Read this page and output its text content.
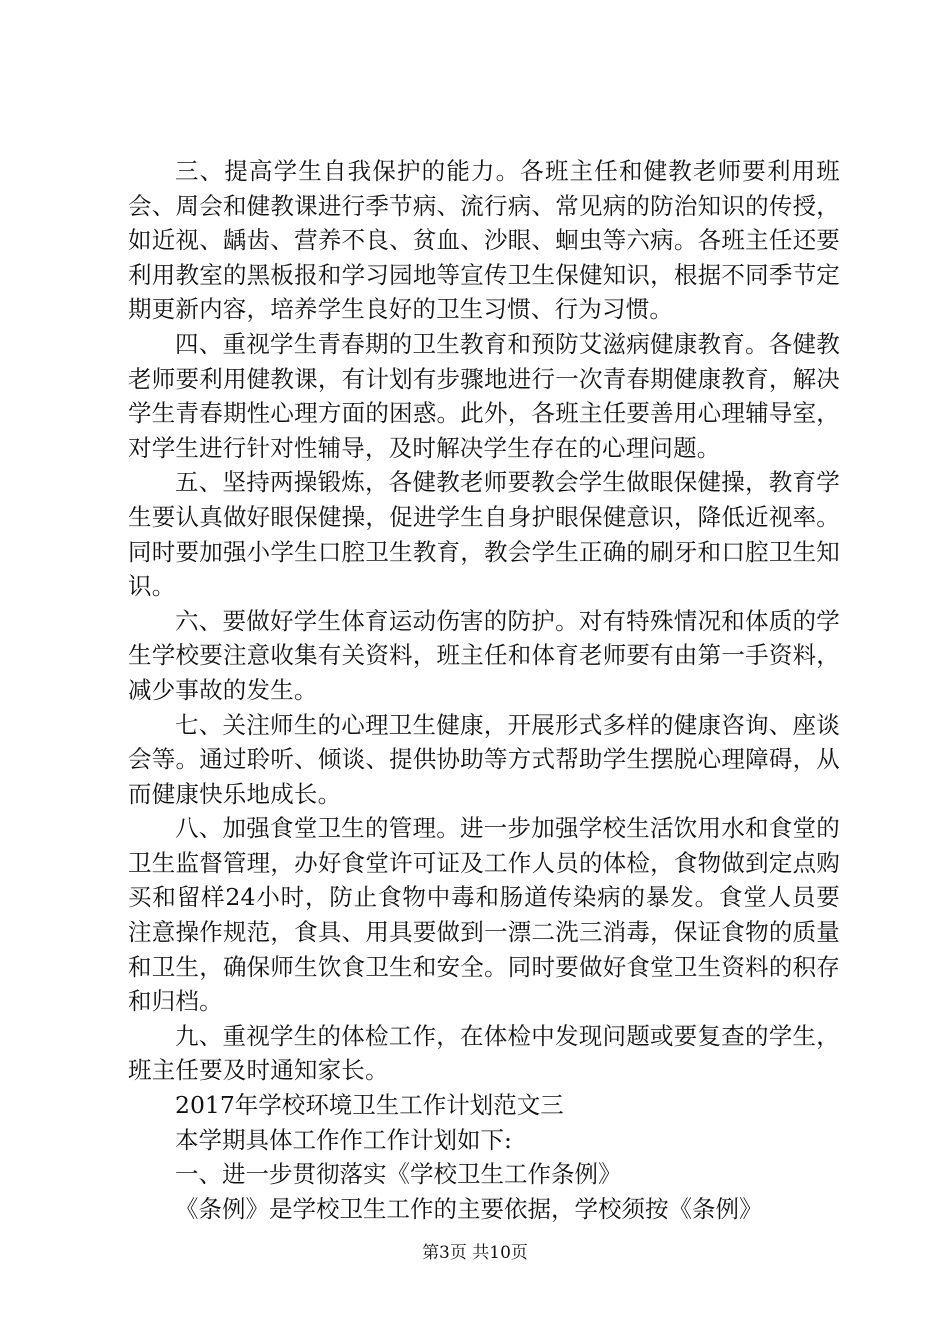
三、提高学生自我保护的能力。各班主任和健教老师要利用班会、周会和健教课进行季节病、流行病、常见病的防治知识的传授，如近视、龋齿、营养不良、贫血、沙眼、蛔虫等六病。各班主任还要利用教室的黑板报和学习园地等宣传卫生保健知识，根据不同季节定期更新内容，培养学生良好的卫生习惯、行为习惯。

四、重视学生青春期的卫生教育和预防艾滋病健康教育。各健教老师要利用健教课，有计划有步骤地进行一次青春期健康教育，解决学生青春期性心理方面的困惑。此外，各班主任要善用心理辅导室，对学生进行针对性辅导，及时解决学生存在的心理问题。

五、坚持两操锻炼，各健教老师要教会学生做眼保健操，教育学生要认真做好眼保健操，促进学生自身护眼保健意识，降低近视率。同时要加强小学生口腔卫生教育，教会学生正确的刷牙和口腔卫生知识。

六、要做好学生体育运动伤害的防护。对有特殊情况和体质的学生学校要注意收集有关资料，班主任和体育老师要有由第一手资料，减少事故的发生。

七、关注师生的心理卫生健康，开展形式多样的健康咨询、座谈会等。通过聆听、倾谈、提供协助等方式帮助学生摆脱心理障碍，从而健康快乐地成长。

八、加强食堂卫生的管理。进一步加强学校生活饮用水和食堂的卫生监督管理，办好食堂许可证及工作人员的体检，食物做到定点购买和留样24小时，防止食物中毒和肠道传染病的暴发。食堂人员要注意操作规范，食具、用具要做到一漂二洗三消毒，保证食物的质量和卫生，确保师生饮食卫生和安全。同时要做好食堂卫生资料的积存和归档。

九、重视学生的体检工作，在体检中发现问题或要复查的学生，班主任要及时通知家长。

2017年学校环境卫生工作计划范文三

本学期具体工作作工作计划如下:

一、进一步贯彻落实《学校卫生工作条例》

《条例》是学校卫生工作的主要依据，学校须按《条例》

第3页 共10页
